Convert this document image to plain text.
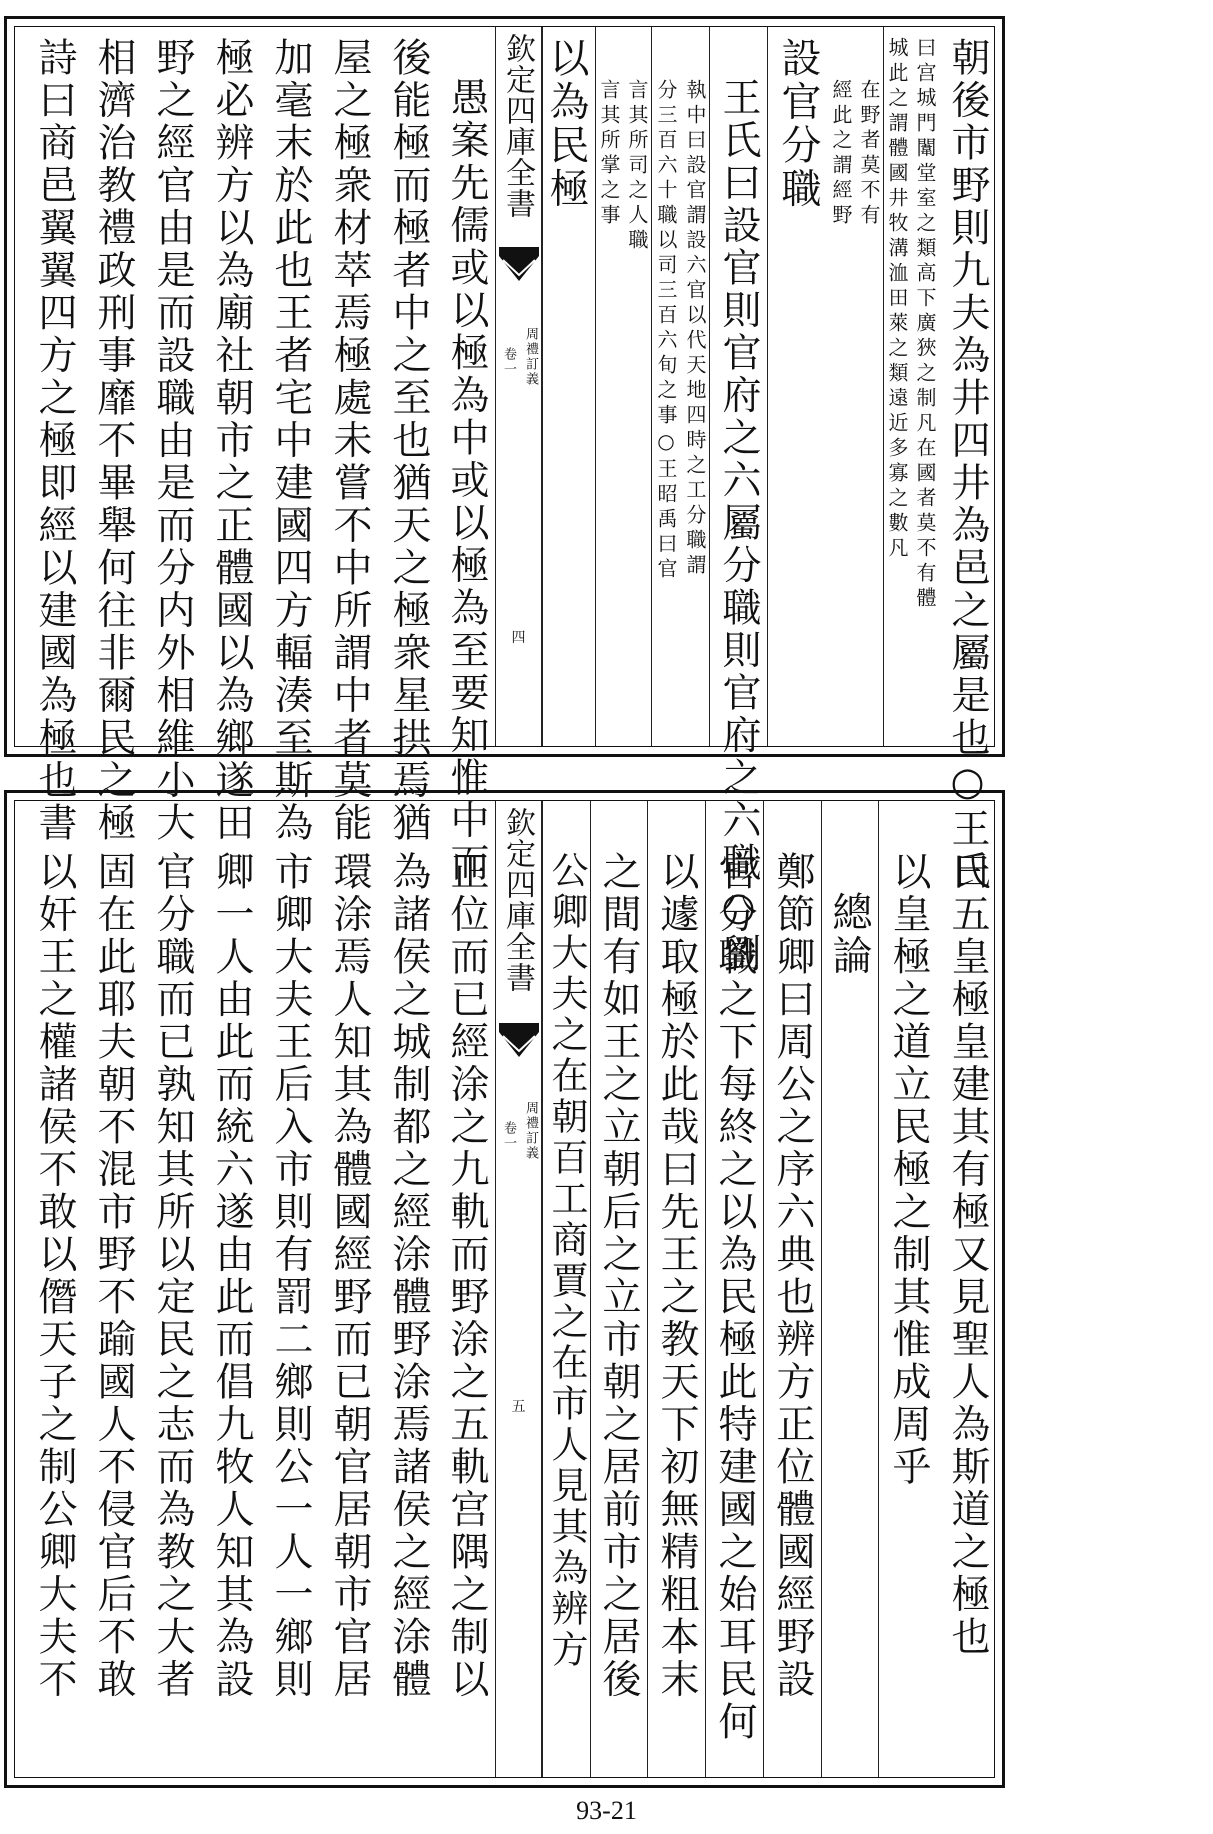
朝後市野則九夫為井四井為邑之屬是也○王氏
曰宫城門闈堂室之類高下廣狹之制凡在國者莫不有體
城此之謂體國井牧溝洫田萊之類遠近多寡之數凡
在野者莫不有
經此之謂經野
設官分職
王氏曰設官則官府之六屬分職則官府之六職○劉
執中曰設官謂設六官以代天地四時之工分職謂
分三百六十職以司三百六旬之事○王昭禹曰官
言其所司之人職
言其所掌之事
以為民極
欽定四庫全書
周禮訂義
卷一
四
愚案先儒或以極為中或以極為至要知惟中而
後能極而極者中之至也猶天之極衆星拱焉猶
屋之極衆材萃焉極處未嘗不中所謂中者莫能
加毫末於此也王者宅中建國四方輻湊至斯為
極必辨方以為廟社朝市之正體國以為鄉遂田
野之經官由是而設職由是而分内外相維小大
相濟治教禮政刑事靡不畢舉何往非爾民之極
詩曰商邑翼翼四方之極即經以建國為極也書
曰五皇極皇建其有極又見聖人為斯道之極也
以皇極之道立民極之制其惟成周乎
總論
鄭節卿曰周公之序六典也辨方正位體國經野設
官分職之下每終之以為民極此特建國之始耳民何
以遽取極於此哉曰先王之教天下初無精粗本末
之間有如王之立朝后之立市朝之居前市之居後
公卿大夫之在朝百工商賈之在市人見其為辨方
欽定四庫全書
周禮訂義
卷一
五
正位而已經涂之九軌而野涂之五軌宫隅之制以
為諸侯之城制都之經涂體野涂焉諸侯之經涂體
環涂焉人知其為體國經野而已朝官居朝市官居
市卿大夫王后入市則有罰二鄉則公一人一鄉則
卿一人由此而統六遂由此而倡九牧人知其為設
官分職而已孰知其所以定民之志而為教之大者
固在此耶夫朝不混市野不踰國人不侵官后不敢
以奸王之權諸侯不敢以僭天子之制公卿大夫不
93-21
